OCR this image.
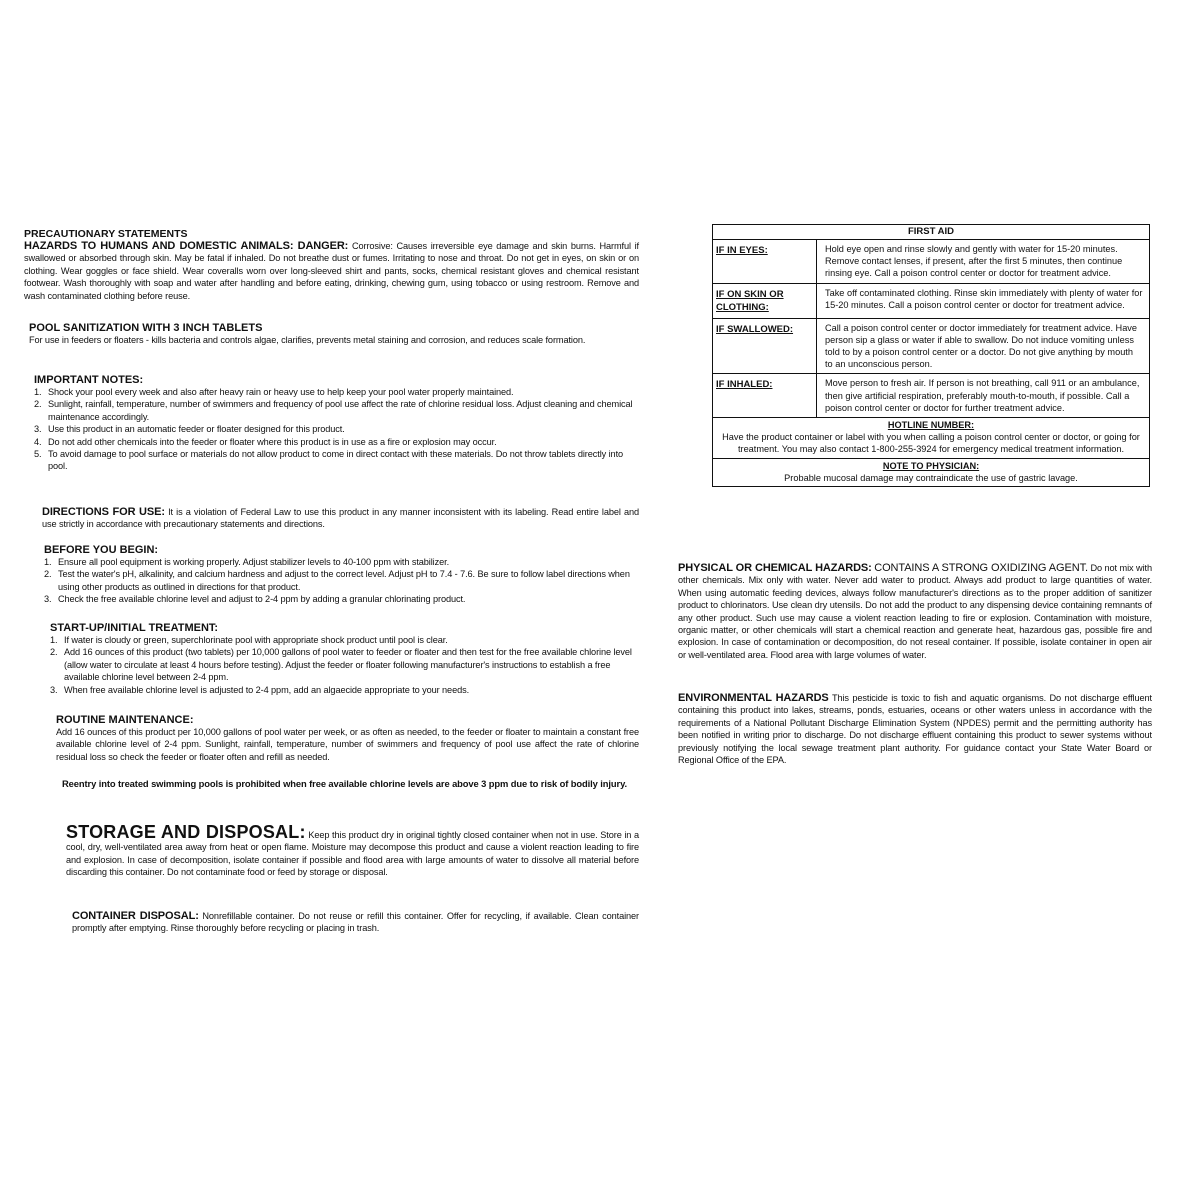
PRECAUTIONARY STATEMENTS

HAZARDS TO HUMANS AND DOMESTIC ANIMALS: DANGER: Corrosive: Causes irreversible eye damage and skin burns. Harmful if swallowed or absorbed through skin. May be fatal if inhaled. Do not breathe dust or fumes. Irritating to nose and throat. Do not get in eyes, on skin or on clothing. Wear goggles or face shield. Wear coveralls worn over long-sleeved shirt and pants, socks, chemical resistant gloves and chemical resistant footwear. Wash thoroughly with soap and water after handling and before eating, drinking, chewing gum, using tobacco or using restroom. Remove and wash contaminated clothing before reuse.

POOL SANITIZATION WITH 3 INCH TABLETS

For use in feeders or floaters - kills bacteria and controls algae, clarifies, prevents metal staining and corrosion, and reduces scale formation.

IMPORTANT NOTES:
1. Shock your pool every week and also after heavy rain or heavy use to help keep your pool water properly maintained.
2. Sunlight, rainfall, temperature, number of swimmers and frequency of pool use affect the rate of chlorine residual loss. Adjust cleaning and chemical maintenance accordingly.
3. Use this product in an automatic feeder or floater designed for this product.
4. Do not add other chemicals into the feeder or floater where this product is in use as a fire or explosion may occur.
5. To avoid damage to pool surface or materials do not allow product to come in direct contact with these materials. Do not throw tablets directly into pool.

DIRECTIONS FOR USE: It is a violation of Federal Law to use this product in any manner inconsistent with its labeling. Read entire label and use strictly in accordance with precautionary statements and directions.

BEFORE YOU BEGIN:
1. Ensure all pool equipment is working properly. Adjust stabilizer levels to 40-100 ppm with stabilizer.
2. Test the water's pH, alkalinity, and calcium hardness and adjust to the correct level. Adjust pH to 7.4 - 7.6. Be sure to follow label directions when using other products as outlined in directions for that product.
3. Check the free available chlorine level and adjust to 2-4 ppm by adding a granular chlorinating product.
START-UP/INITIAL TREATMENT:
1. If water is cloudy or green, superchlorinate pool with appropriate shock product until pool is clear.
2. Add 16 ounces of this product (two tablets) per 10,000 gallons of pool water to feeder or floater and then test for the free available chlorine level (allow water to circulate at least 4 hours before testing). Adjust the feeder or floater following manufacturer's instructions to establish a free available chlorine level between 2-4 ppm.
3. When free available chlorine level is adjusted to 2-4 ppm, add an algaecide appropriate to your needs.
ROUTINE MAINTENANCE:

Add 16 ounces of this product per 10,000 gallons of pool water per week, or as often as needed, to the feeder or floater to maintain a constant free available chlorine level of 2-4 ppm. Sunlight, rainfall, temperature, number of swimmers and frequency of pool use affect the rate of chlorine residual loss so check the feeder or floater often and refill as needed.

Reentry into treated swimming pools is prohibited when free available chlorine levels are above 3 ppm due to risk of bodily injury.

STORAGE AND DISPOSAL: Keep this product dry in original tightly closed container when not in use. Store in a cool, dry, well-ventilated area away from heat or open flame. Moisture may decompose this product and cause a violent reaction leading to fire and explosion. In case of decomposition, isolate container if possible and flood area with large amounts of water to dissolve all material before discarding this container. Do not contaminate food or feed by storage or disposal.

CONTAINER DISPOSAL: Nonrefillable container. Do not reuse or refill this container. Offer for recycling, if available. Clean container promptly after emptying. Rinse thoroughly before recycling or placing in trash.

FIRST AID
IF IN EYES:	Hold eye open and rinse slowly and gently with water for 15-20 minutes. Remove contact lenses, if present, after the first 5 minutes, then continue rinsing eye. Call a poison control center or doctor for treatment advice.
IF ON SKIN OR CLOTHING:
Take off contaminated clothing. Rinse skin immediately with plenty of water for 15-20 minutes. Call a poison control center or doctor for treatment advice.
IF SWALLOWED:	Call a poison control center or doctor immediately for treatment advice. Have person sip a glass or water if able to swallow. Do not induce vomiting unless told to by a poison control center or a doctor. Do not give anything by mouth to an unconscious person.
IF INHALED:	Move person to fresh air. If person is not breathing, call 911 or an ambulance, then give artificial respiration, preferably mouth-to-mouth, if possible. Call a poison control center or doctor for further treatment advice.
HOTLINE NUMBER:
Have the product container or label with you when calling a poison control center or doctor, or going for treatment. You may also contact 1-800-255-3924 for emergency medical treatment information.
NOTE TO PHYSICIAN:
Probable mucosal damage may contraindicate the use of gastric lavage.

PHYSICAL OR CHEMICAL HAZARDS: CONTAINS A STRONG OXIDIZING AGENT. Do not mix with other chemicals. Mix only with water. Never add water to product. Always add product to large quantities of water. When using automatic feeding devices, always follow manufacturer's directions as to the proper addition of sanitizer product to chlorinators. Use clean dry utensils. Do not add the product to any dispensing device containing remnants of any other product. Such use may cause a violent reaction leading to fire or explosion. Contamination with moisture, organic matter, or other chemicals will start a chemical reaction and generate heat, hazardous gas, possible fire and explosion. In case of contamination or decomposition, do not reseal container. If possible, isolate container in open air or well-ventilated area. Flood area with large volumes of water.

ENVIRONMENTAL HAZARDS This pesticide is toxic to fish and aquatic organisms. Do not discharge effluent containing this product into lakes, streams, ponds, estuaries, oceans or other waters unless in accordance with the requirements of a National Pollutant Discharge Elimination System (NPDES) permit and the permitting authority has been notified in writing prior to discharge. Do not discharge effluent containing this product to sewer systems without previously notifying the local sewage treatment plant authority. For guidance contact your State Water Board or Regional Office of the EPA.
